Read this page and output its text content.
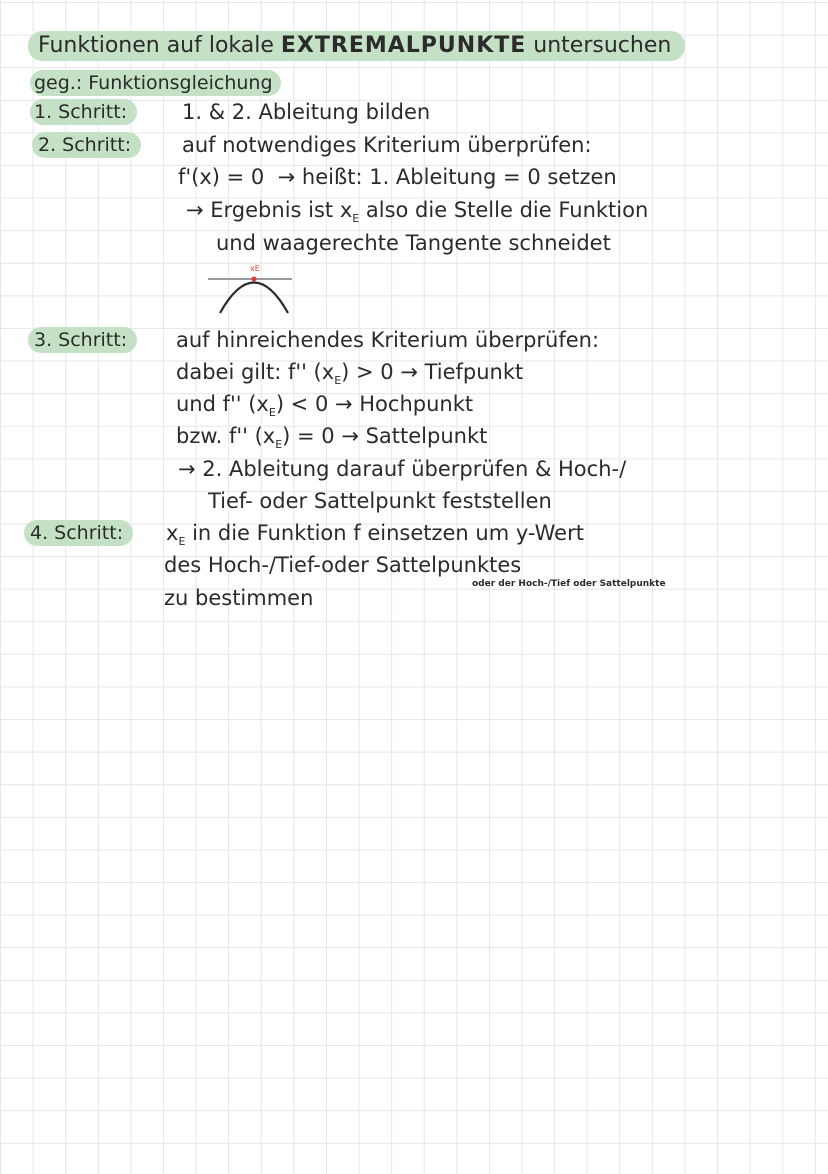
Funktionen auf lokale EXTREMALPUNKTE untersuchen
geg.: Funktionsgleichung
1. Schritt:	1. & 2. Ableitung bilden
2. Schritt:	auf notwendiges Kriterium überprüfen:
f'(x) = 0 → heißt: 1. Ableitung = 0 setzen
→ Ergebnis ist $x_E$ also die Stelle die Funktion
und waagerechte Tangente schneidet
xE
3. Schritt:	auf hinreichendes Kriterium überprüfen:
dabei gilt: f'' $(x_E) > 0$ → Tiefpunkt
und f'' $(x_E) < 0$ → Hochpunkt
bzw. f'' $(x_E) = 0$ → Sattelpunkt
→ 2. Ableitung darauf überprüfen & Hoch-/
Tief- oder Sattelpunkt feststellen
4. Schritt:	$x_E$ in die Funktion f einsetzen um y-Wert
des Hoch-/Tief-oder Sattelpunktes
oder der Hoch-/Tief oder Sattelpunkte
zu bestimmen
